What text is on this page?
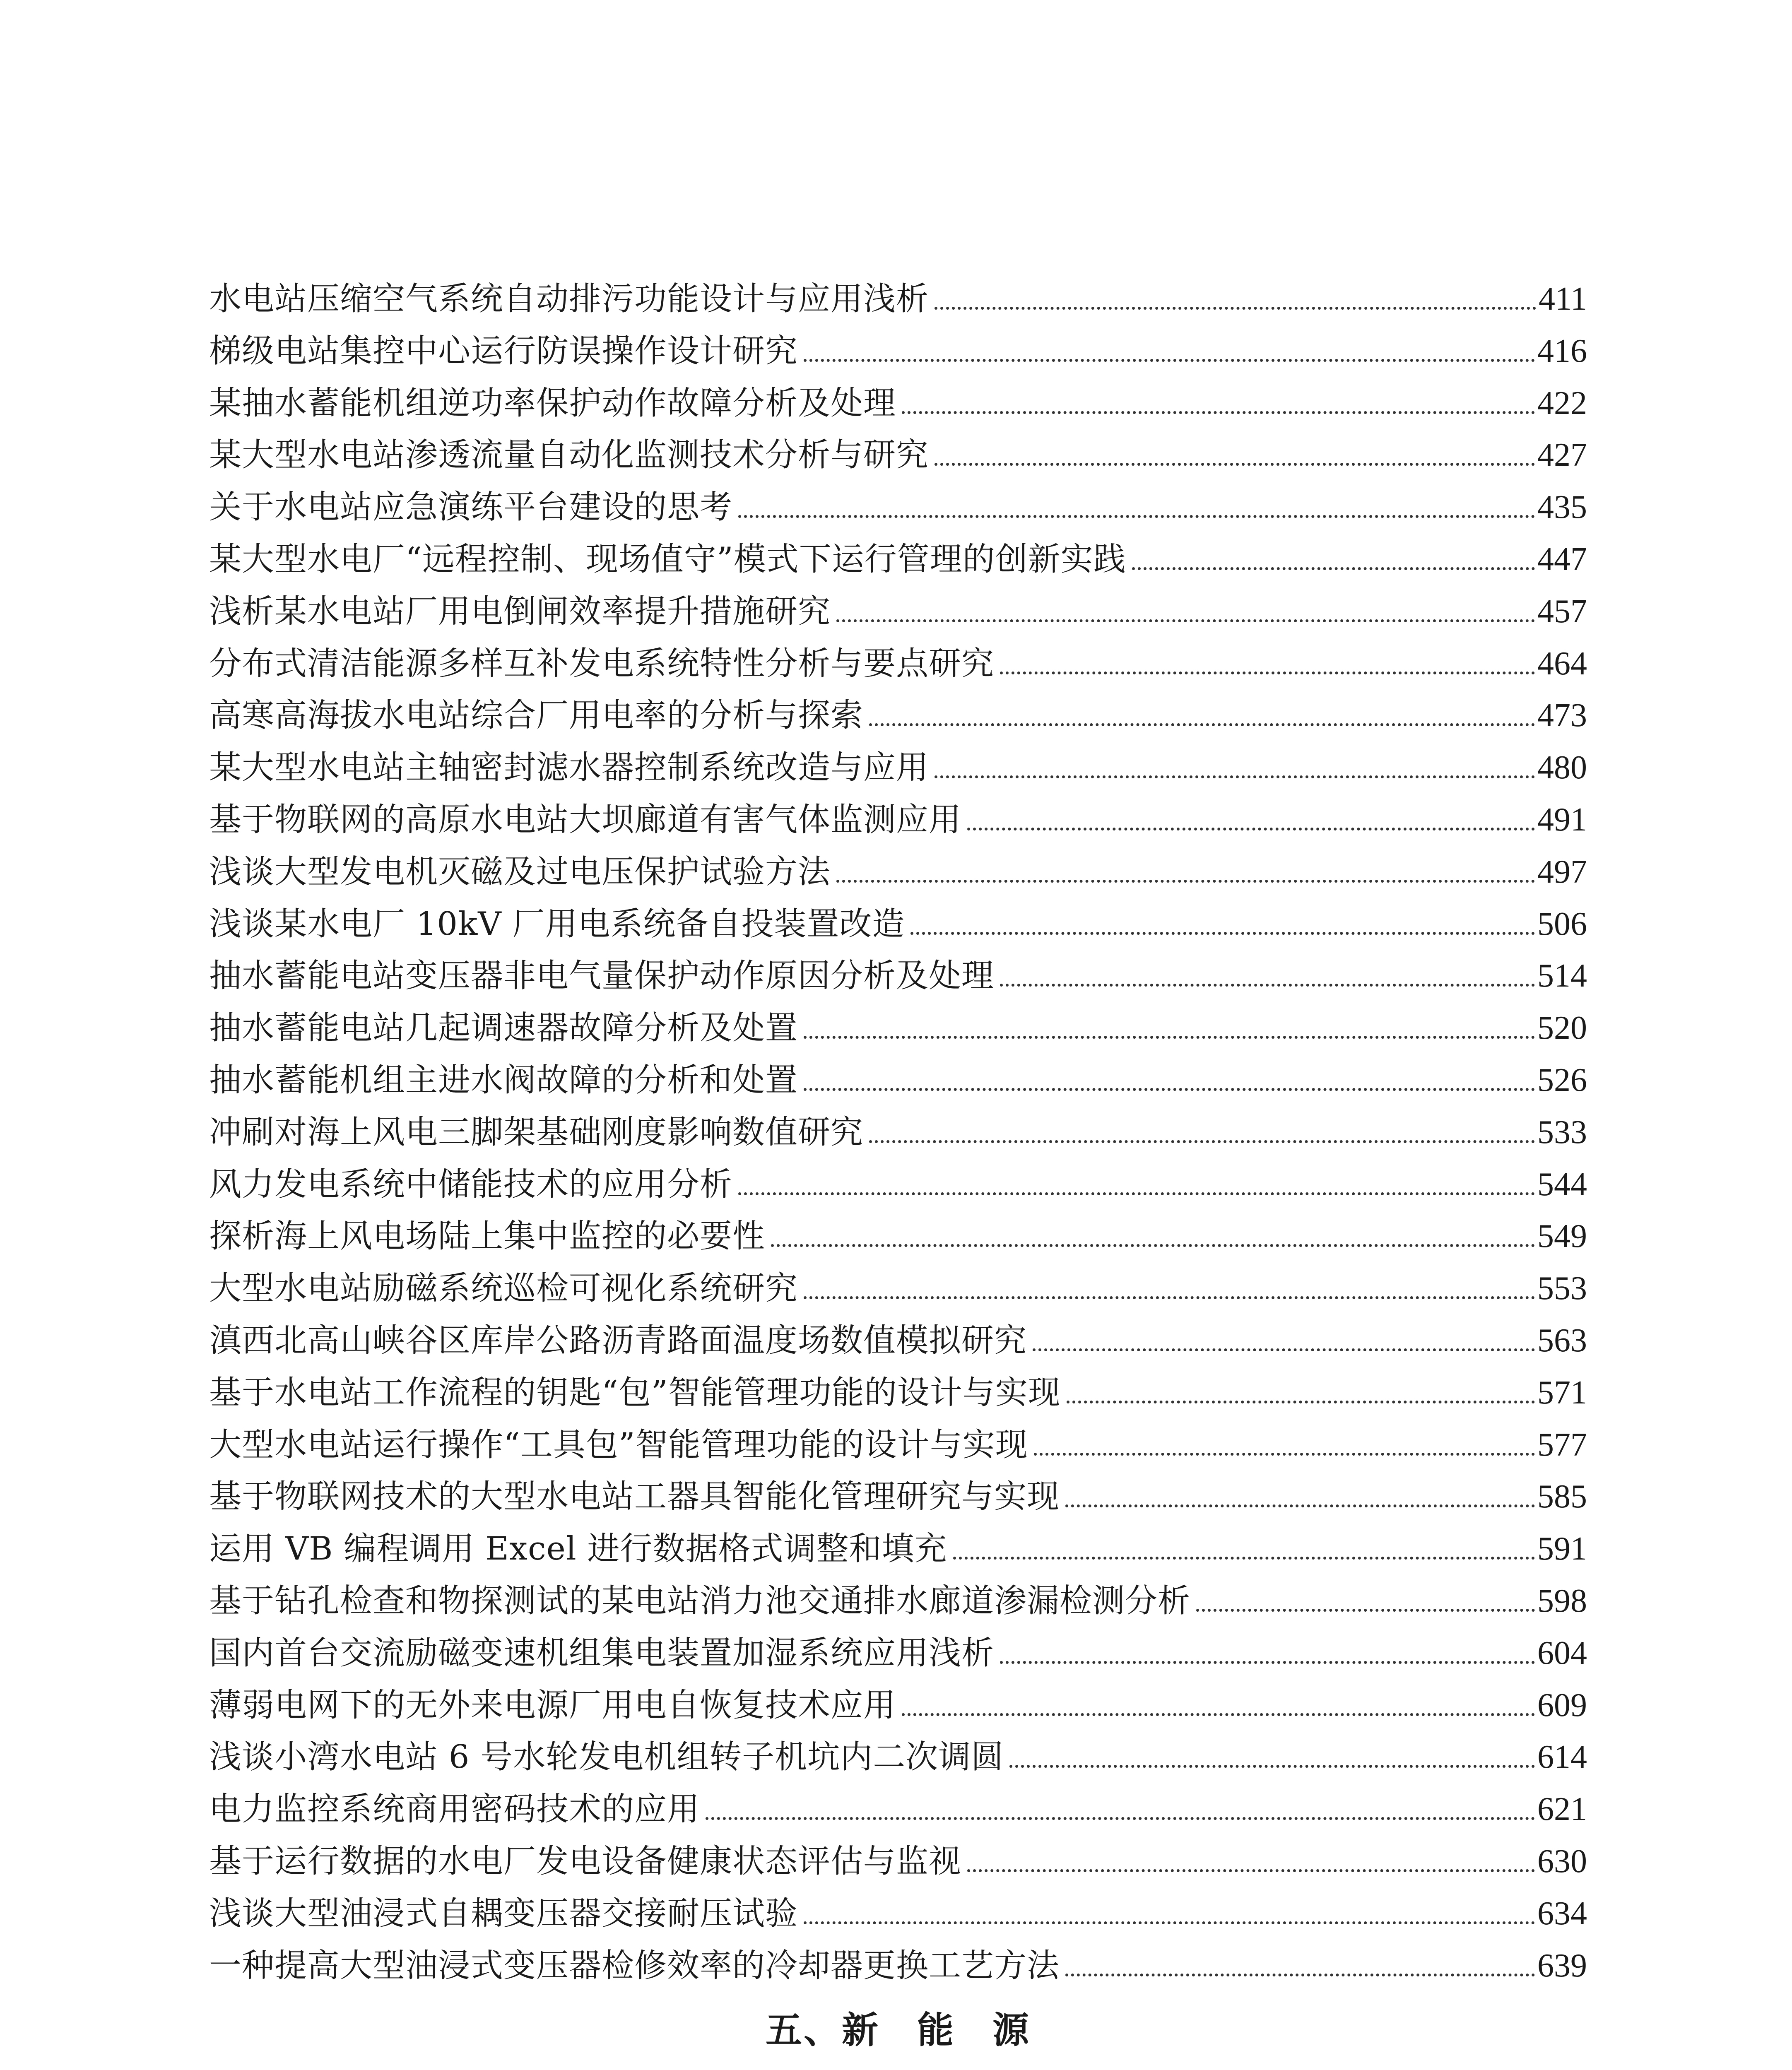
水电站压缩空气系统自动排污功能设计与应用浅析	411
梯级电站集控中心运行防误操作设计研究	416
某抽水蓄能机组逆功率保护动作故障分析及处理	422
某大型水电站渗透流量自动化监测技术分析与研究	427
关于水电站应急演练平台建设的思考	435
某大型水电厂“远程控制、现场值守”模式下运行管理的创新实践	447
浅析某水电站厂用电倒闸效率提升措施研究	457
分布式清洁能源多样互补发电系统特性分析与要点研究	464
高寒高海拔水电站综合厂用电率的分析与探索	473
某大型水电站主轴密封滤水器控制系统改造与应用	480
基于物联网的高原水电站大坝廊道有害气体监测应用	491
浅谈大型发电机灭磁及过电压保护试验方法	497
浅谈某水电厂 10kV 厂用电系统备自投装置改造	506
抽水蓄能电站变压器非电气量保护动作原因分析及处理	514
抽水蓄能电站几起调速器故障分析及处置	520
抽水蓄能机组主进水阀故障的分析和处置	526
冲刷对海上风电三脚架基础刚度影响数值研究	533
风力发电系统中储能技术的应用分析	544
探析海上风电场陆上集中监控的必要性	549
大型水电站励磁系统巡检可视化系统研究	553
滇西北高山峡谷区库岸公路沥青路面温度场数值模拟研究	563
基于水电站工作流程的钥匙“包”智能管理功能的设计与实现	571
大型水电站运行操作“工具包”智能管理功能的设计与实现	577
基于物联网技术的大型水电站工器具智能化管理研究与实现	585
运用 VB 编程调用 Excel 进行数据格式调整和填充	591
基于钻孔检查和物探测试的某电站消力池交通排水廊道渗漏检测分析	598
国内首台交流励磁变速机组集电装置加湿系统应用浅析	604
薄弱电网下的无外来电源厂用电自恢复技术应用	609
浅谈小湾水电站 6 号水轮发电机组转子机坑内二次调圆	614
电力监控系统商用密码技术的应用	621
基于运行数据的水电厂发电设备健康状态评估与监视	630
浅谈大型油浸式自耦变压器交接耐压试验	634
一种提高大型油浸式变压器检修效率的冷却器更换工艺方法	639
五、新 能 源
